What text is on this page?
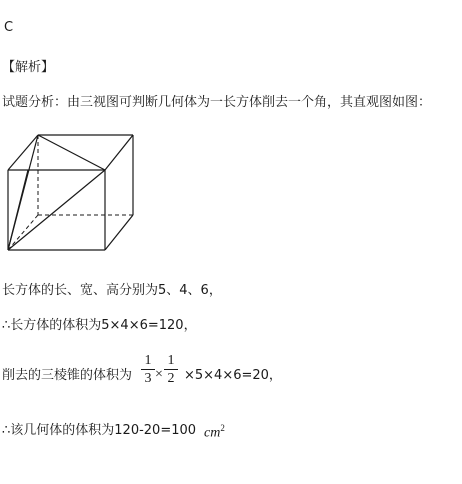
C
【解析】
试题分析：由三视图可判断几何体为一长方体削去一个角，其直观图如图：
长方体的长、宽、高分别为5、4、6，
∴长方体的体积为5×4×6=120，
削去的三棱锥的体积为
1
3 ×
1
2 ×5×4×6=20，
∴该几何体的体积为120-20=100 $cm^2$
